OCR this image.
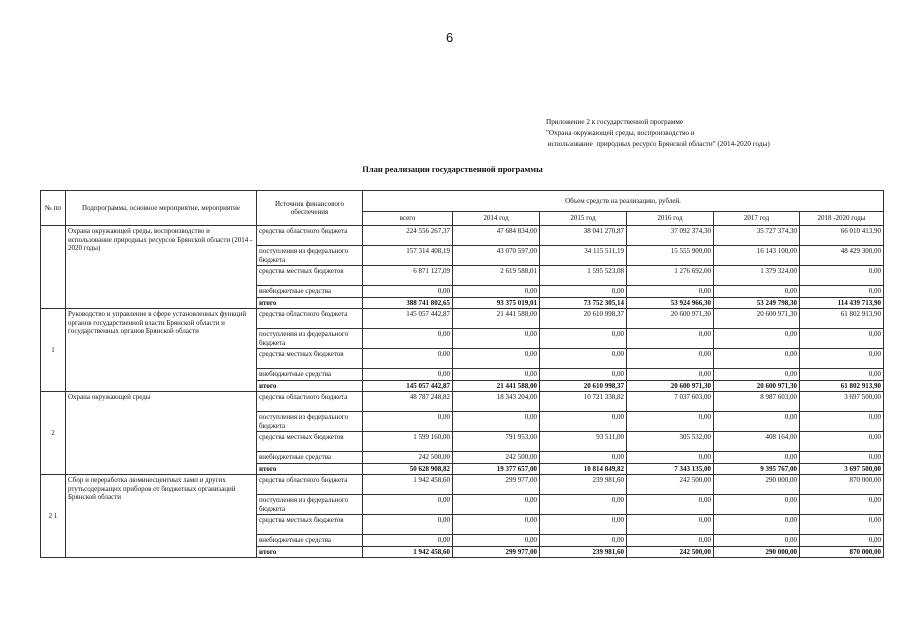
6
Приложение 2 к государственной программе
"Охрана окружающей среды, воспроизводство и
использование  природных ресурсо Брянской области" (2014-2020 годы)
План реализации государственной программы
№ пп	Подпрограмма, основное мероприятие, мероприятие	Источник финансового обеспечения	Объем средств на реализацию, рублей.					
			всего	2014 год	2015 год	2016 год	2017 год	2018 -2020 годы
	Охрана окружающей среды, воспроизводство и использование природных ресурсов Брянской области (2014 - 2020 годы)	средства областного бюджета	224 556 267,37	47 684 834,00	38 041 270,87	37 092 374,30	35 727 374,30	66 010 413,90
		поступления из федерального бюджета	157 314 408,19	43 070 597,00	34 115 511,19	15 555 900,00	16 143 100,00	48 429 300,00
		средства местных бюджетов	6 871 127,09	2 619 588,01	1 595 523,08	1 276 692,00	1 379 324,00	0,00
		внебюджетные средства	0,00	0,00	0,00	0,00	0,00	0,00
		итого	388 741 802,65	93 375 019,01	73 752 305,14	53 924 966,30	53 249 798,30	114 439 713,90
1	Руководство и управление в сфере установленных функций органов государственной власти Брянской области и государственных органов Брянской области	средства областного бюджета	145 057 442,87	21 441 588,00	20 610 998,37	20 600 971,30	20 600 971,30	61 802 913,90
		поступления из федерального бюджета	0,00	0,00	0,00	0,00	0,00	0,00
		средства местных бюджетов	0,00	0,00	0,00	0,00	0,00	0,00
		внебюджетные средства	0,00	0,00	0,00	0,00	0,00	0,00
		итого	145 057 442,87	21 441 588,00	20 610 998,37	20 600 971,30	20 600 971,30	61 802 913,90
2	Охрана окружающей среды	средства областного бюджета	48 787 248,82	18 343 204,00	10 721 338,82	7 037 603,00	8 987 603,00	3 697 500,00
		поступления из федерального бюджета	0,00	0,00	0,00	0,00	0,00	0,00
		средства местных бюджетов	1 599 160,00	791 953,00	93 511,00	305 532,00	408 164,00	0,00
		внебюджетные средства	242 500,00	242 500,00	0,00	0,00	0,00	0,00
		итого	50 628 908,82	19 377 657,00	10 814 849,82	7 343 135,00	9 395 767,00	3 697 500,00
2 1	Сбор и переработка люминесцентных ламп и других ртутьсодержащих приборов от бюджетных организаций Брянской области	средства областного бюджета	1 942 458,60	299 977,00	239 981,60	242 500,00	290 000,00	870 000,00
		поступления из федерального бюджета	0,00	0,00	0,00	0,00	0,00	0,00
		средства местных бюджетов	0,00	0,00	0,00	0,00	0,00	0,00
		внебюджетные средства	0,00	0,00	0,00	0,00	0,00	0,00
		итого	1 942 458,60	299 977,00	239 981,60	242 500,00	290 000,00	870 000,00
